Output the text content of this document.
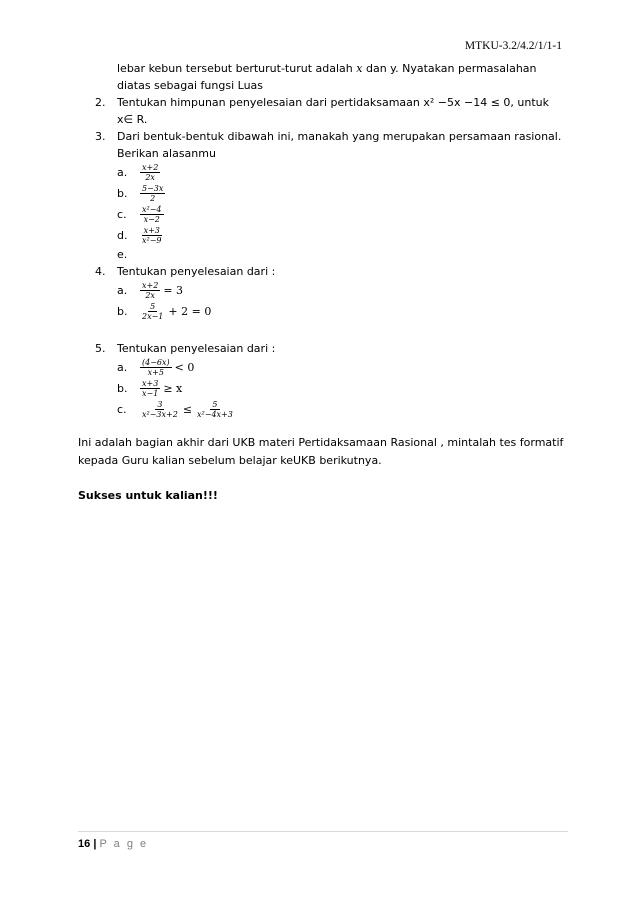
MTKU-3.2/4.2/1/1-1
lebar kebun tersebut berturut-turut adalah x dan y. Nyatakan permasalahan
diatas sebagai fungsi Luas
2. Tentukan himpunan penyelesaian dari pertidaksamaan x² −5x −14 ≤ 0, untuk x∈ R.
3. Dari bentuk-bentuk dibawah ini, manakah yang merupakan persamaan rasional.
Berikan alasanmu
a. $\frac{x+2}{2x}$
b. $\frac{5-3x}{2}$
c. $\frac{\text{x²−4}}{x-2}$
d. $\frac{x+3}{\text{x²−9}}$
e.

4. Tentukan penyelesaian dari :
a. $\frac{x+2}{2x} = 3$
b. $\frac{5}{2x-1} + 2 = 0$
5. Tentukan penyelesaian dari :
a. $\frac{(4-6x)}{x+5} < 0$
b. $\frac{x+3}{x-1} \ge x$
c. $\frac{3}{\text{x²−3x+2}} \le \frac{5}{\text{x²−4x+3}}$
Ini adalah bagian akhir dari UKB materi Pertidaksamaan Rasional , mintalah tes formatif kepada Guru kalian sebelum belajar keUKB berikutnya.
Sukses untuk kalian!!!
16 | P a g e
